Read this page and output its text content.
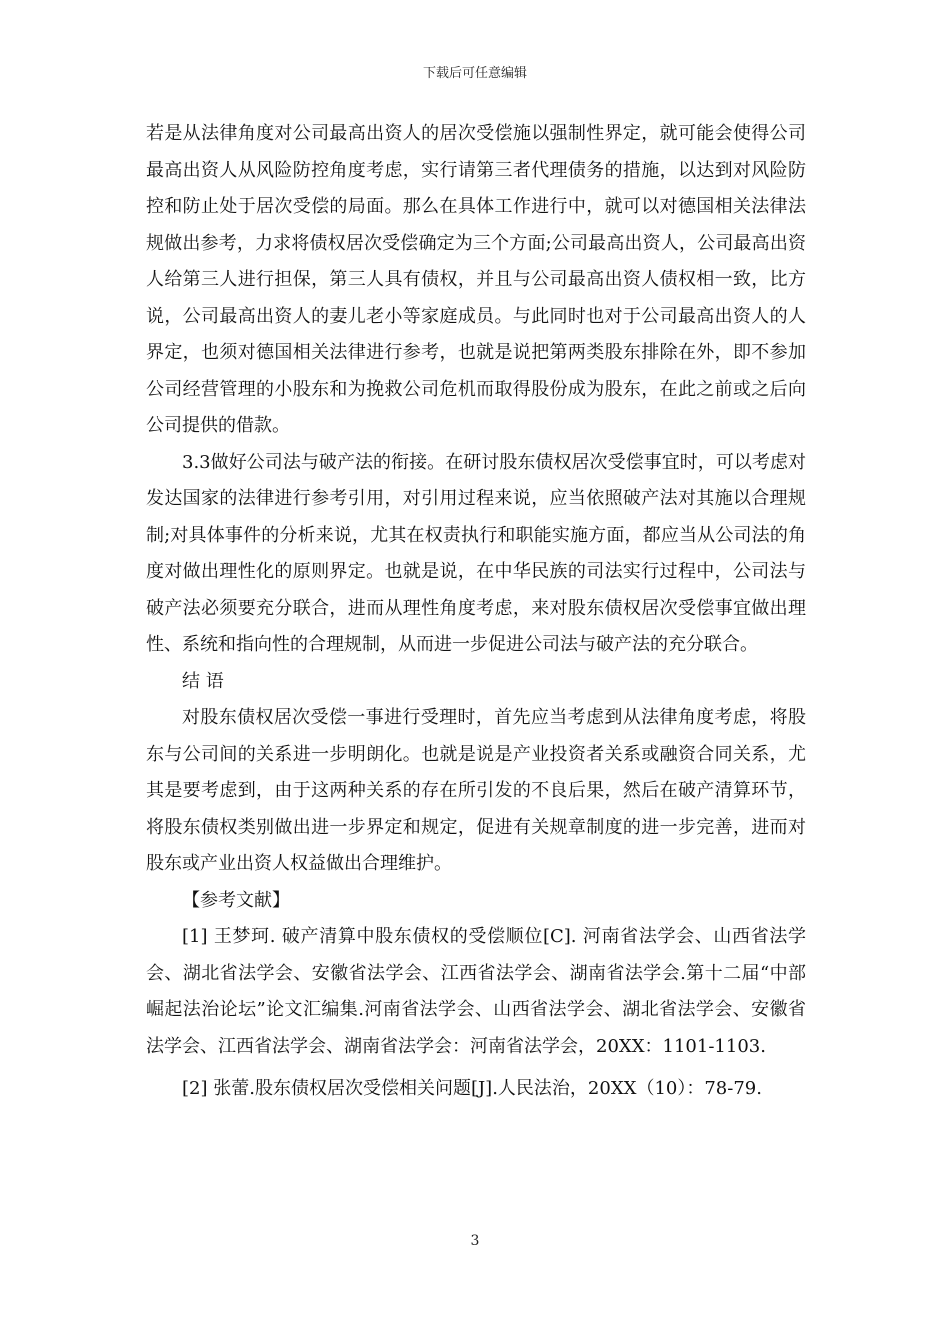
下载后可任意编辑

若是从法律角度对公司最高出资人的居次受偿施以强制性界定，就可能会使得公司最高出资人从风险防控角度考虑，实行请第三者代理债务的措施，以达到对风险防控和防止处于居次受偿的局面。那么在具体工作进行中，就可以对德国相关法律法规做出参考，力求将债权居次受偿确定为三个方面;公司最高出资人，公司最高出资人给第三人进行担保，第三人具有债权，并且与公司最高出资人债权相一致，比方说，公司最高出资人的妻儿老小等家庭成员。与此同时也对于公司最高出资人的人界定，也须对德国相关法律进行参考，也就是说把第两类股东排除在外，即不参加公司经营管理的小股东和为挽救公司危机而取得股份成为股东，在此之前或之后向公司提供的借款。

3.3做好公司法与破产法的衔接。在研讨股东债权居次受偿事宜时，可以考虑对发达国家的法律进行参考引用，对引用过程来说，应当依照破产法对其施以合理规制;对具体事件的分析来说，尤其在权责执行和职能实施方面，都应当从公司法的角度对做出理性化的原则界定。也就是说，在中华民族的司法实行过程中，公司法与破产法必须要充分联合，进而从理性角度考虑，来对股东债权居次受偿事宜做出理性、系统和指向性的合理规制，从而进一步促进公司法与破产法的充分联合。

结 语

对股东债权居次受偿一事进行受理时，首先应当考虑到从法律角度考虑，将股东与公司间的关系进一步明朗化。也就是说是产业投资者关系或融资合同关系，尤其是要考虑到，由于这两种关系的存在所引发的不良后果，然后在破产清算环节，将股东债权类别做出进一步界定和规定，促进有关规章制度的进一步完善，进而对股东或产业出资人权益做出合理维护。

【参考文献】

[1] 王梦珂. 破产清算中股东债权的受偿顺位[C]. 河南省法学会、山西省法学会、湖北省法学会、安徽省法学会、江西省法学会、湖南省法学会.第十二届“中部崛起法治论坛”论文汇编集.河南省法学会、山西省法学会、湖北省法学会、安徽省法学会、江西省法学会、湖南省法学会：河南省法学会，20XX：1101-1103.

[2] 张蕾.股东债权居次受偿相关问题[J].人民法治，20XX（10）：78-79.

3
